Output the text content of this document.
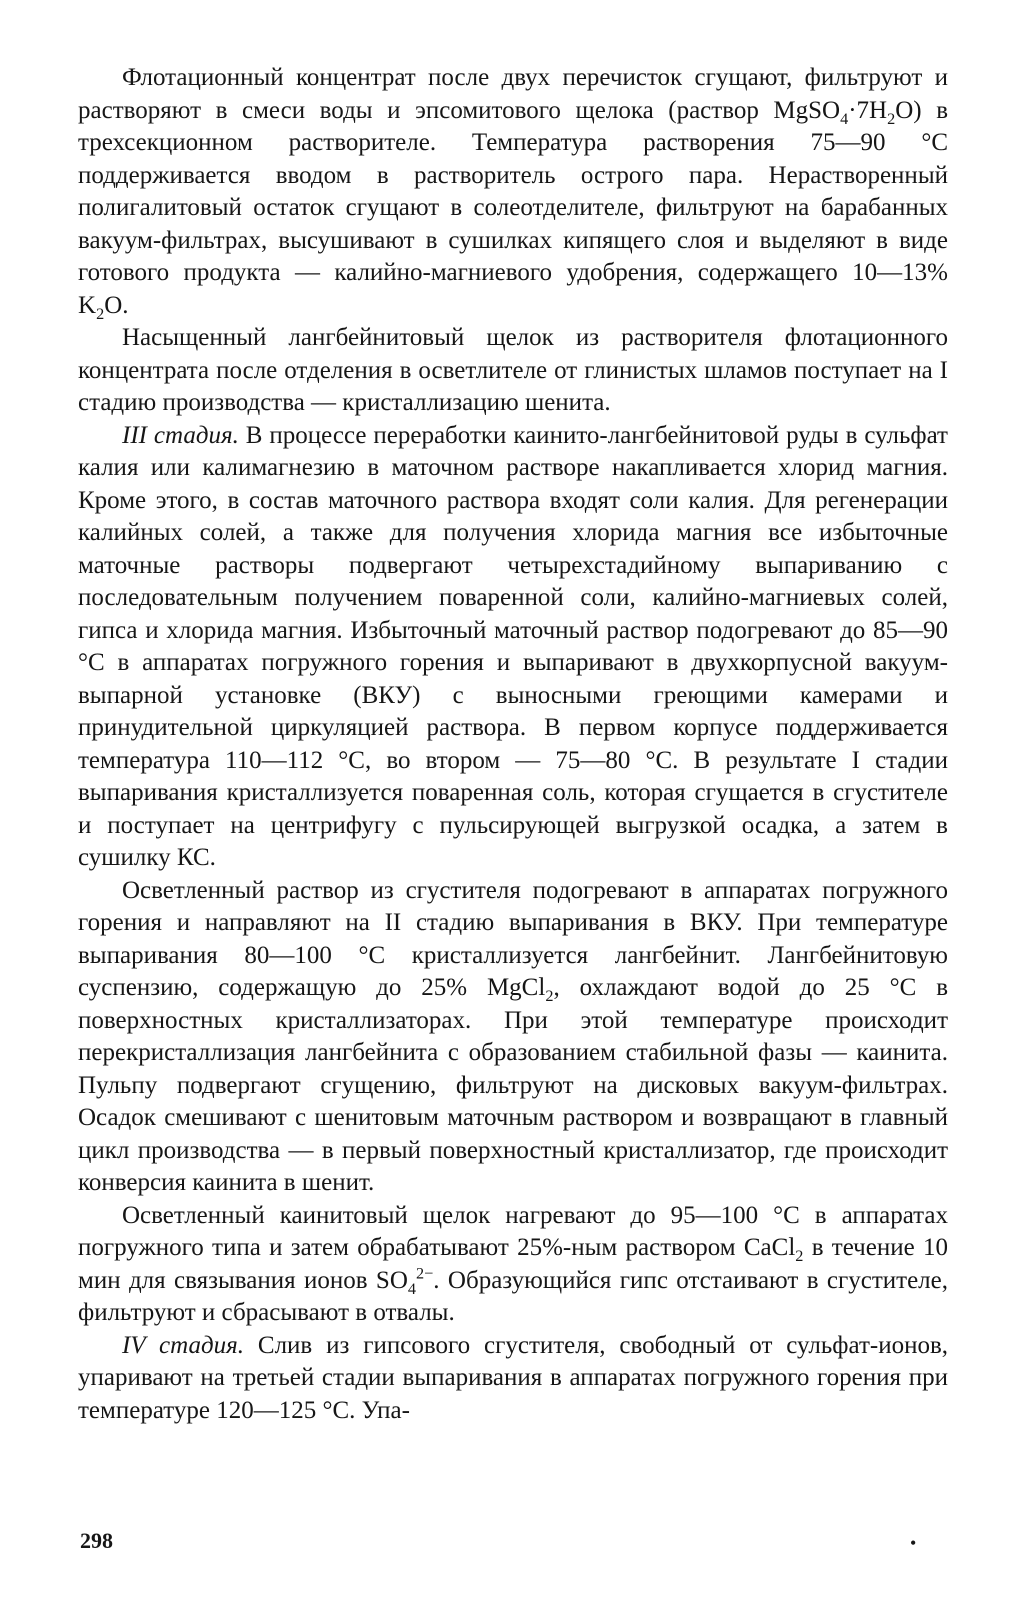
Флотационный концентрат после двух перечисток сгущают, фильтруют и растворяют в смеси воды и эпсомитового щелока (раствор $MgSO_4\cdot 7H_2O$) в трехсекционном растворителе. Температура растворения 75—90 °С поддерживается вводом в растворитель острого пара. Нерастворенный полигалитовый остаток сгущают в солеотделителе, фильтруют на барабанных вакуум-фильтрах, высушивают в сушилках кипящего слоя и выделяют в виде готового продукта — калийно-магниевого удобрения, содержащего 10—13% $K_2O$.

Насыщенный лангбейнитовый щелок из растворителя флотационного концентрата после отделения в осветлителе от глинистых шламов поступает на I стадию производства — кристаллизацию шенита.

III стадия. В процессе переработки каинито-лангбейнитовой руды в сульфат калия или калимагнезию в маточном растворе накапливается хлорид магния. Кроме этого, в состав маточного раствора входят соли калия. Для регенерации калийных солей, а также для получения хлорида магния все избыточные маточные растворы подвергают четырехстадийному выпариванию с последовательным получением поваренной соли, калийно-магниевых солей, гипса и хлорида магния. Избыточный маточный раствор подогревают до 85—90 °С в аппаратах погружного горения и выпаривают в двухкорпусной вакуум-выпарной установке (ВКУ) с выносными греющими камерами и принудительной циркуляцией раствора. В первом корпусе поддерживается температура 110—112 °С, во втором — 75—80 °С. В результате I стадии выпаривания кристаллизуется поваренная соль, которая сгущается в сгустителе и поступает на центрифугу с пульсирующей выгрузкой осадка, а затем в сушилку КС.

Осветленный раствор из сгустителя подогревают в аппаратах погружного горения и направляют на II стадию выпаривания в ВКУ. При температуре выпаривания 80—100 °С кристаллизуется лангбейнит. Лангбейнитовую суспензию, содержащую до 25% MgCl$_2$, охлаждают водой до 25 °С в поверхностных кристаллизаторах. При этой температуре происходит перекристаллизация лангбейнита с образованием стабильной фазы — каинита. Пульпу подвергают сгущению, фильтруют на дисковых вакуум-фильтрах. Осадок смешивают с шенитовым маточным раствором и возвращают в главный цикл производства — в первый поверхностный кристаллизатор, где происходит конверсия каинита в шенит.

Осветленный каинитовый щелок нагревают до 95—100 °С в аппаратах погружного типа и затем обрабатывают 25%-ным раствором CaCl$_2$ в течение 10 мин для связывания ионов $SO_4^{2-}$. Образующийся гипс отстаивают в сгустителе, фильтруют и сбрасывают в отвалы.

IV стадия. Слив из гипсового сгустителя, свободный от сульфат-ионов, упаривают на третьей стадии выпаривания в аппаратах погружного горения при температуре 120—125 °С. Упа-

298	•
